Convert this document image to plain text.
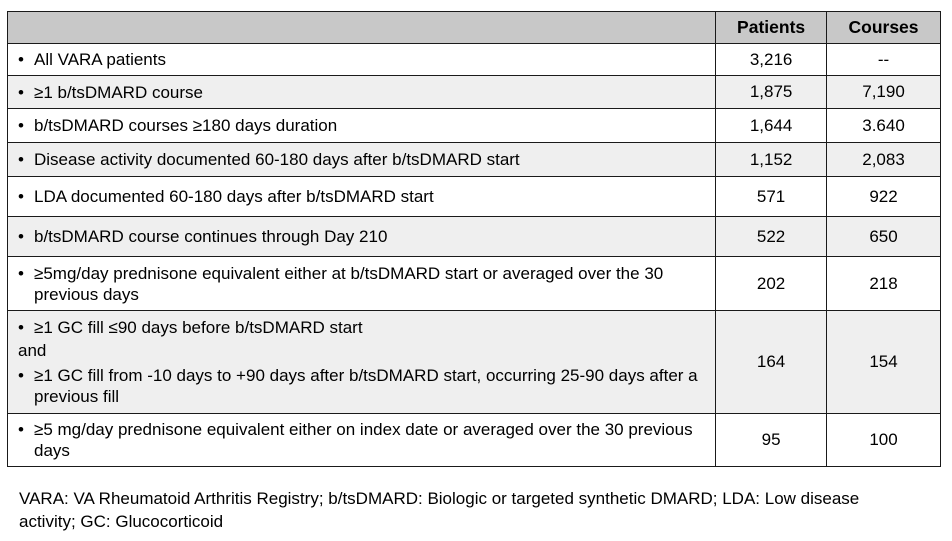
	Patients	Courses

• All VARA patients	3,216	--

• ≥1 b/tsDMARD course	1,875	7,190

• b/tsDMARD courses ≥180 days duration	1,644	3.640

• Disease activity documented 60-180 days after b/tsDMARD start	1,152	2,083

• LDA documented 60-180 days after b/tsDMARD start	571	922

• b/tsDMARD course continues through Day 210	522	650

• ≥5mg/day prednisone equivalent either at b/tsDMARD start or averaged over the 30 previous days	202	218

• ≥1 GC fill ≤90 days before b/tsDMARD start
and
• ≥1 GC fill from -10 days to +90 days after b/tsDMARD start, occurring 25-90 days after a previous fill	164	154

• ≥5 mg/day prednisone equivalent either on index date or averaged over the 30 previous days	95	100
VARA: VA Rheumatoid Arthritis Registry; b/tsDMARD: Biologic or targeted synthetic DMARD; LDA: Low disease activity; GC: Glucocorticoid
